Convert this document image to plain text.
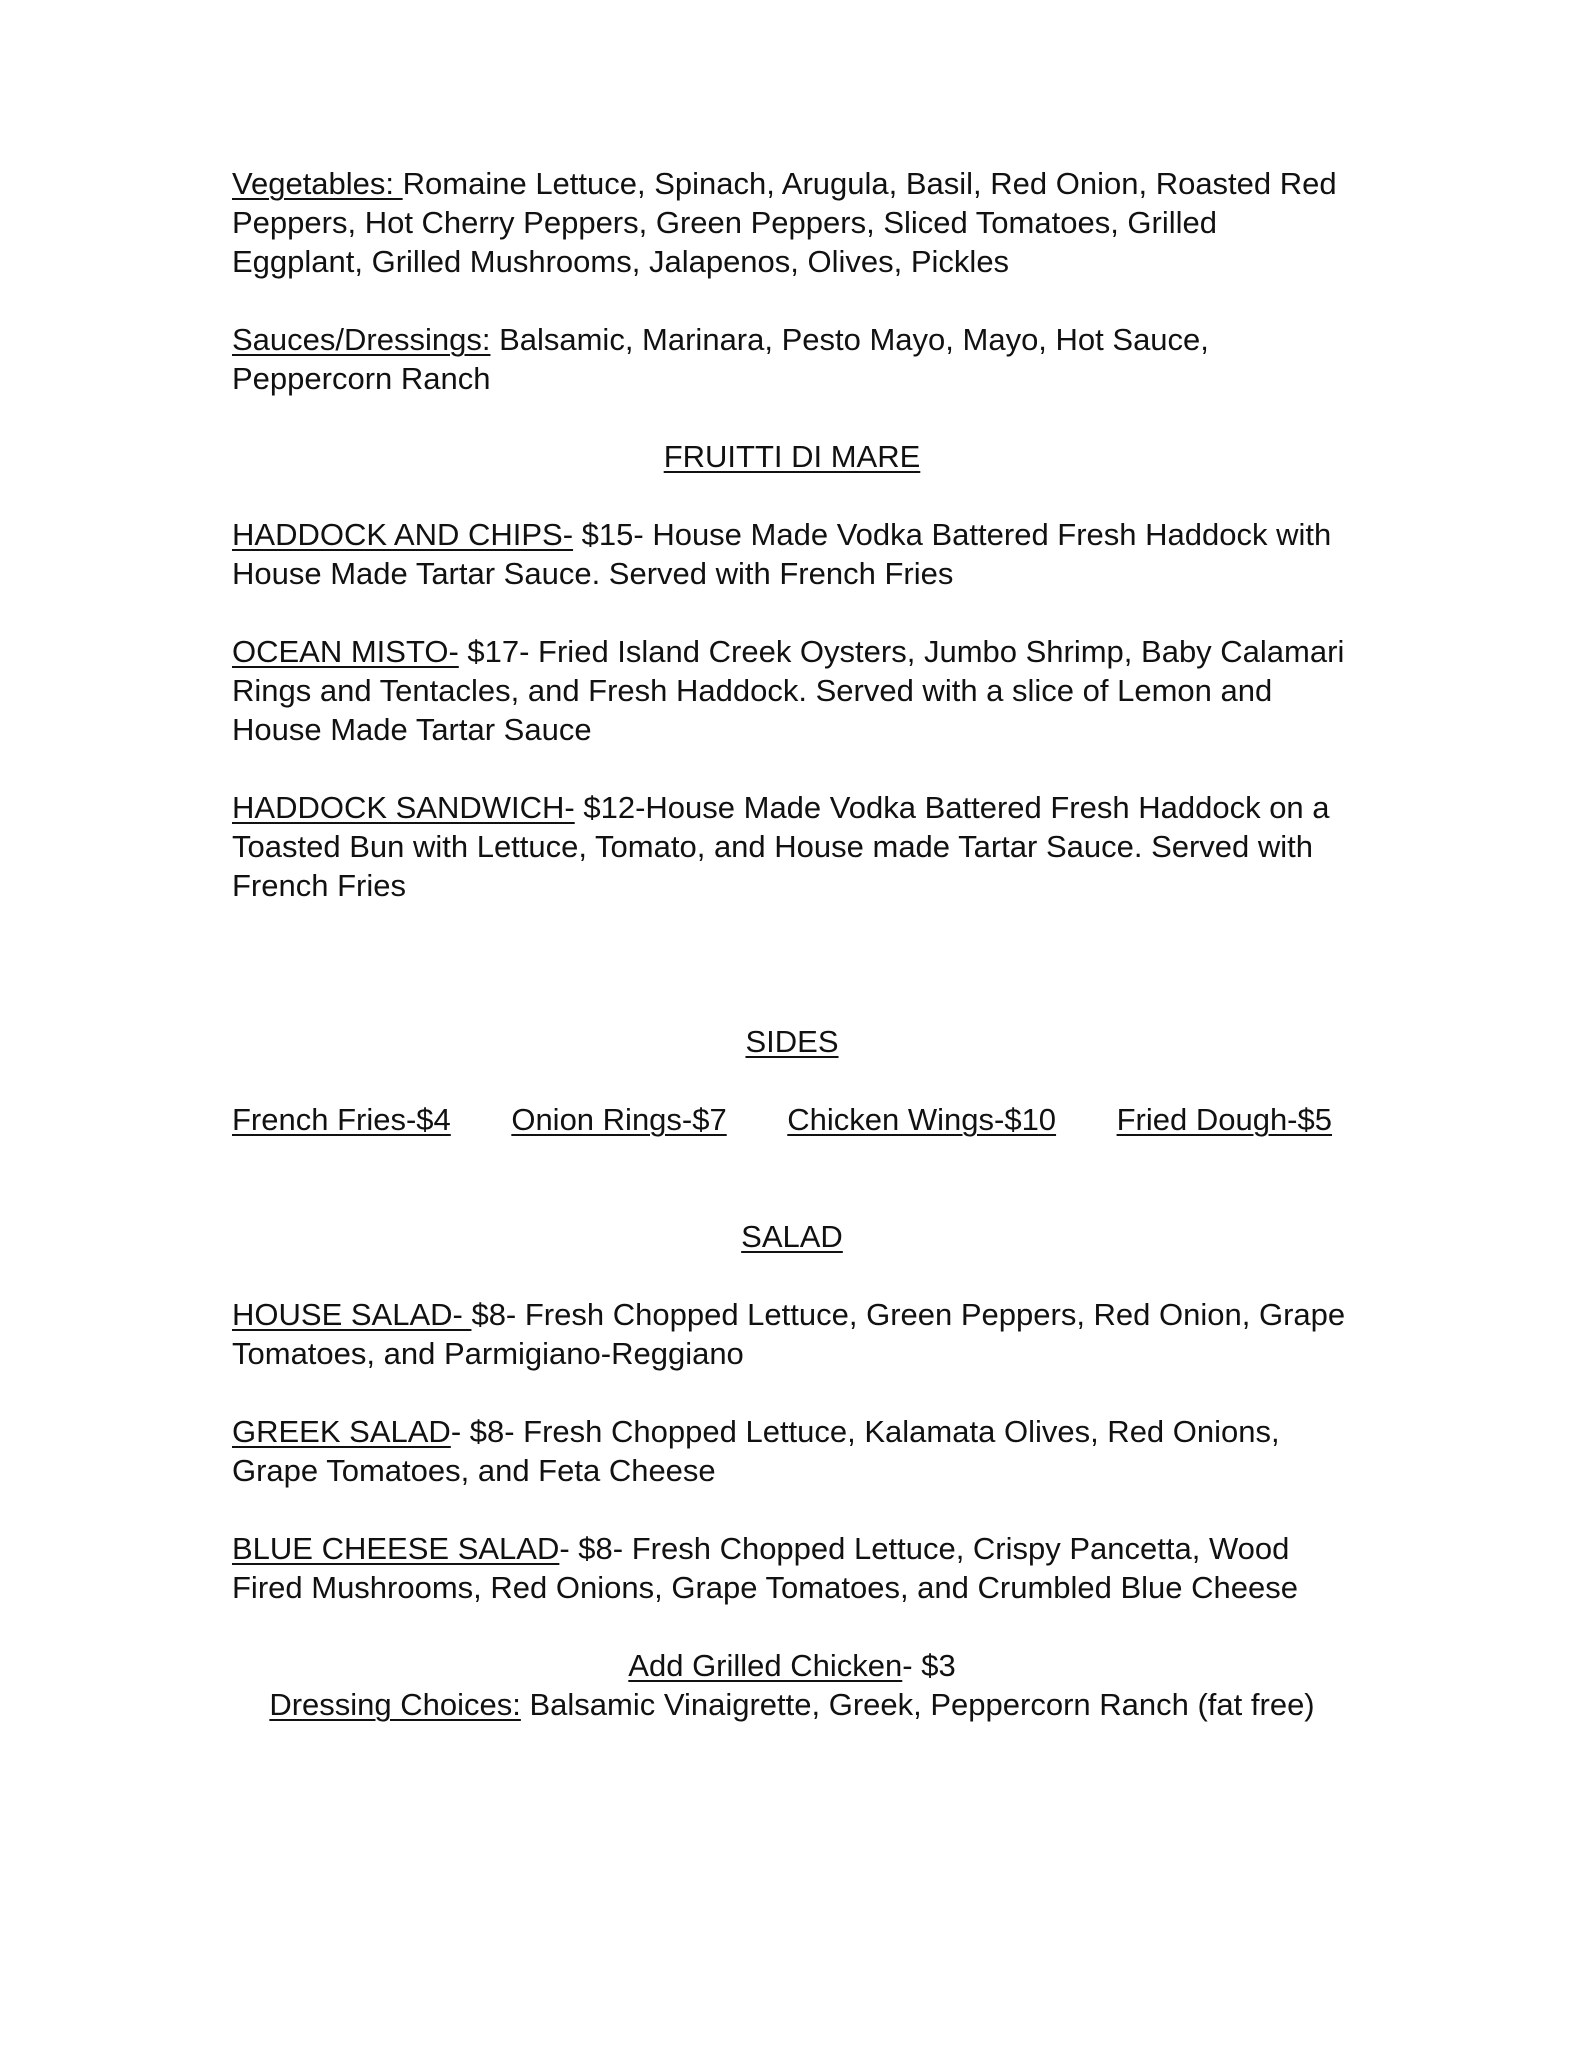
Vegetables: Romaine Lettuce, Spinach, Arugula, Basil, Red Onion, Roasted Red Peppers, Hot Cherry Peppers, Green Peppers, Sliced Tomatoes, Grilled Eggplant, Grilled Mushrooms, Jalapenos, Olives, Pickles

Sauces/Dressings: Balsamic, Marinara, Pesto Mayo, Mayo, Hot Sauce, Peppercorn Ranch

FRUITTI DI MARE

HADDOCK AND CHIPS- $15- House Made Vodka Battered Fresh Haddock with House Made Tartar Sauce. Served with French Fries

OCEAN MISTO- $17- Fried Island Creek Oysters, Jumbo Shrimp, Baby Calamari Rings and Tentacles, and Fresh Haddock. Served with a slice of Lemon and House Made Tartar Sauce

HADDOCK SANDWICH- $12-House Made Vodka Battered Fresh Haddock on a Toasted Bun with Lettuce, Tomato, and House made Tartar Sauce. Served with French Fries

SIDES

French Fries-$4 Onion Rings-$7 Chicken Wings-$10 Fried Dough-$5

SALAD

HOUSE SALAD- $8- Fresh Chopped Lettuce, Green Peppers, Red Onion, Grape Tomatoes, and Parmigiano-Reggiano

GREEK SALAD- $8- Fresh Chopped Lettuce, Kalamata Olives, Red Onions, Grape Tomatoes, and Feta Cheese

BLUE CHEESE SALAD- $8- Fresh Chopped Lettuce, Crispy Pancetta, Wood Fired Mushrooms, Red Onions, Grape Tomatoes, and Crumbled Blue Cheese

Add Grilled Chicken- $3

Dressing Choices: Balsamic Vinaigrette, Greek, Peppercorn Ranch (fat free)
